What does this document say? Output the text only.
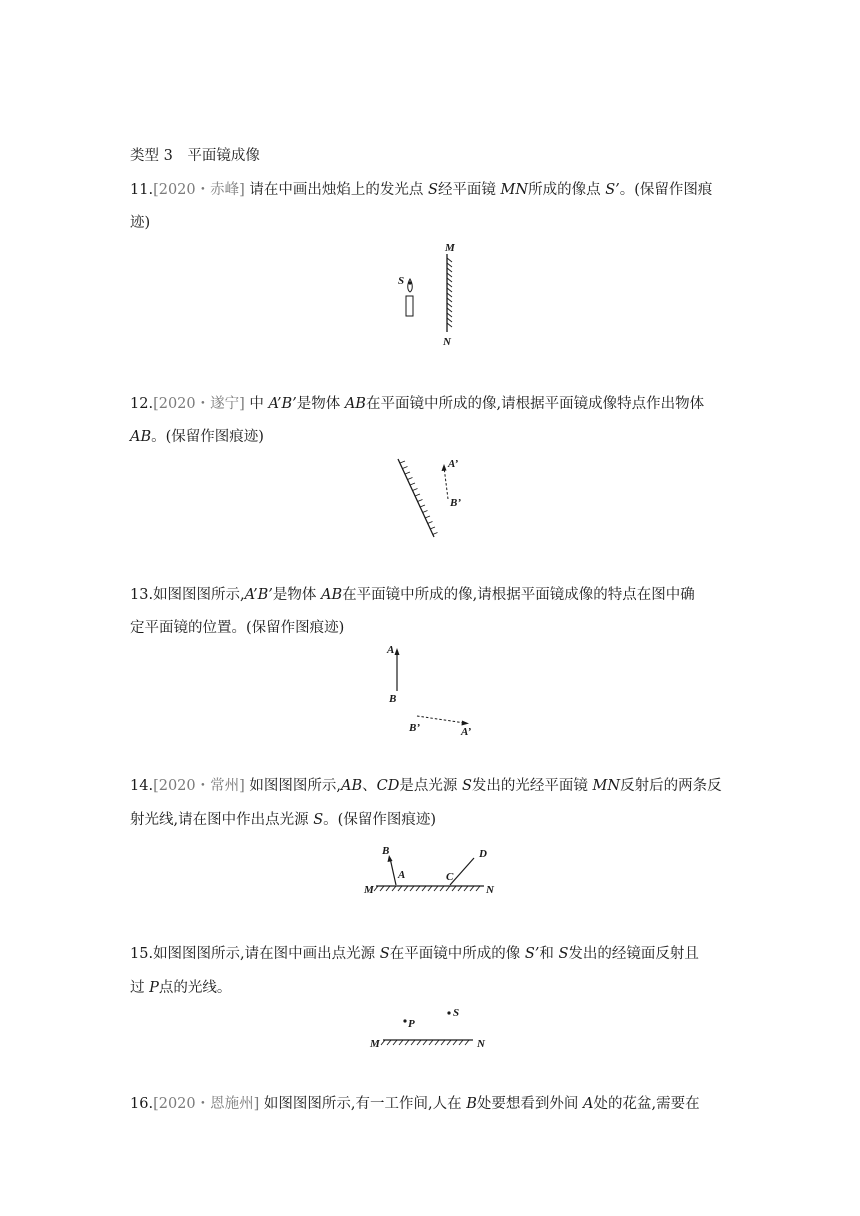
类型 3　平面镜成像
11.[2020・赤峰] 请在中画出烛焰上的发光点 S经平面镜 MN所成的像点 S’。(保留作图痕
迹)
M
N
S
12.[2020・遂宁] 中 A’B’是物体 AB在平面镜中所成的像,请根据平面镜成像特点作出物体
AB。(保留作图痕迹)
A’
B’
13.如图图图所示,A’B’是物体 AB在平面镜中所成的像,请根据平面镜成像的特点在图中确
定平面镜的位置。(保留作图痕迹)
A
B
B’	A’
14.[2020・常州] 如图图图所示,AB、CD是点光源 S发出的光经平面镜 MN反射后的两条反
射光线,请在图中作出点光源 S。(保留作图痕迹)
B	D
A	C
M	N
15.如图图图所示,请在图中画出点光源 S在平面镜中所成的像 S’和 S发出的经镜面反射且
过 P点的光线。
P
S
M	N
16.[2020・恩施州] 如图图图所示,有一工作间,人在 B处要想看到外间 A处的花盆,需要在
